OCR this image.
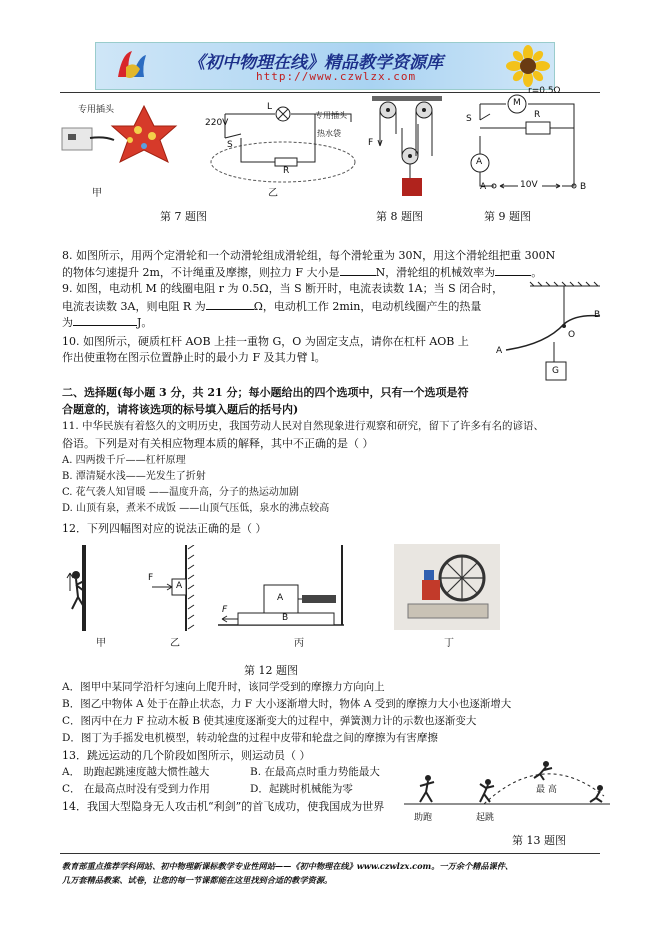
《初中物理在线》精品教学资源库
http://www.czwlzx.com
专用插头
甲
220V
S
L
R
专用插头
热水袋
乙
F
r=0.5Ω
M
S	R
A
A	B
10V
第 7 题图	第 8 题图	第 9 题图
8. 如图所示，用两个定滑轮和一个动滑轮组成滑轮组，每个滑轮重为 30N，用这个滑轮组把重 300N
的物体匀速提升 2m，不计绳重及摩擦，则拉力 F 大小是	N，滑轮组的机械效率为	。
9. 如图，电动机 M 的线圈电阻 r 为 0.5Ω，当 S 断开时，电流表读数 1A；当 S 闭合时，
电流表读数 3A，则电阻 R 为	Ω，电动机工作 2min，电动机线圈产生的热量
为	J。
10. 如图所示，硬质杠杆 AOB 上挂一重物 G，O 为固定支点，请你在杠杆 AOB 上
作出使重物在图示位置静止时的最小力 F 及其力臂 l。	A
B
O
G
二、选择题(每小题 3 分，共 21 分；每小题给出的四个选项中，只有一个选项是符
合题意的，请将该选项的标号填入题后的括号内)
11. 中华民族有着悠久的文明历史，我国劳动人民对自然现象进行观察和研究，留下了许多有名的谚语、
俗语。下列是对有关相应物理本质的解释，其中不正确的是（ ）
A. 四两拨千斤——杠杆原理
B. 潭清疑水浅——光发生了折射
C. 花气袭人知冒暖 ——温度升高，分子的热运动加剧
D. 山顶有泉，煮米不成饭 ——山顶气压低，泉水的沸点较高
12．下列四幅图对应的说法正确的是（ ）
F
A
F
A
B
甲	乙	丙	丁
第 12 题图
A．图甲中某同学沿杆匀速向上爬升时，该同学受到的摩擦力方向向上
B．图乙中物体 A 处于在静止状态，力 F 大小逐渐增大时，物体 A 受到的摩擦力大小也逐渐增大
C．图丙中在力 F 拉动木板 B 使其速度逐渐变大的过程中，弹簧测力计的示数也逐渐变大
D．图丁为手摇发电机模型，转动轮盘的过程中皮带和轮盘之间的摩擦为有害摩擦
13．跳远运动的几个阶段如图所示，则运动员（ ）
A． 助跑起跳速度越大惯性越大	B. 在最高点时重力势能最大
C． 在最高点时没有受到力作用	D．起跳时机械能为零
助跑	起跳
最 高
14．我国大型隐身无人攻击机“利剑”的首飞成功，使我国成为世界
第 13 题图
教育部重点推荐学科网站、初中物理新课标教学专业性网站——《初中物理在线》www.czwlzx.com。一万余个精品课件、
几万套精品教案、试卷，让您的每一节课都能在这里找到合适的教学资源。
